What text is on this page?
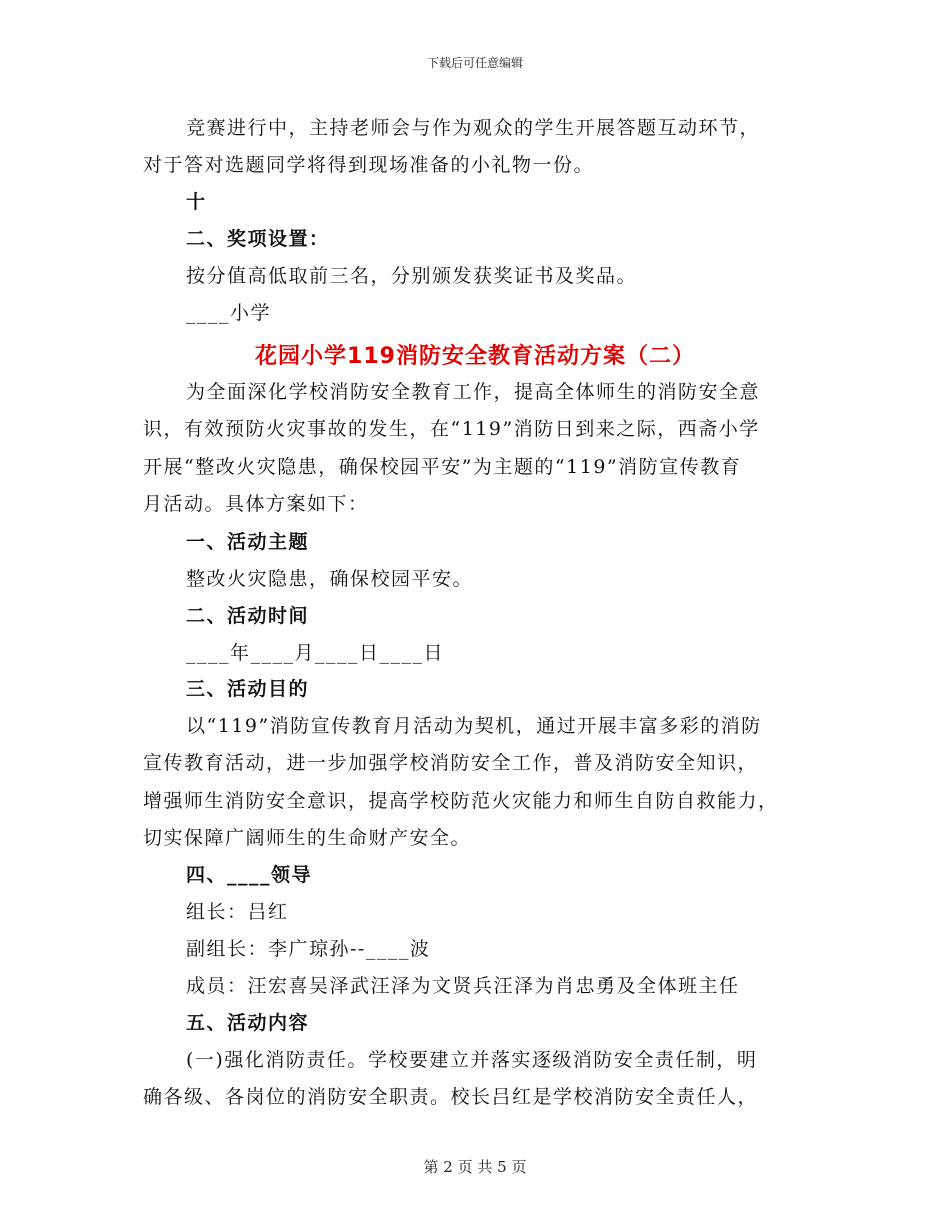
下载后可任意编辑
竞赛进行中，主持老师会与作为观众的学生开展答题互动环节，
对于答对选题同学将得到现场准备的小礼物一份。
十
二、奖项设置：
按分值高低取前三名，分别颁发获奖证书及奖品。
____小学
花园小学119消防安全教育活动方案（二）
为全面深化学校消防安全教育工作，提高全体师生的消防安全意
识，有效预防火灾事故的发生，在“119”消防日到来之际，西斋小学
开展“整改火灾隐患，确保校园平安”为主题的“119”消防宣传教育
月活动。具体方案如下：
一、活动主题
整改火灾隐患，确保校园平安。
二、活动时间
____年____月____日____日
三、活动目的
以“119”消防宣传教育月活动为契机，通过开展丰富多彩的消防
宣传教育活动，进一步加强学校消防安全工作，普及消防安全知识，
增强师生消防安全意识，提高学校防范火灾能力和师生自防自救能力，
切实保障广阔师生的生命财产安全。
四、____领导
组长：吕红
副组长：李广琼孙--____波
成员：汪宏喜吴泽武汪泽为文贤兵汪泽为肖忠勇及全体班主任
五、活动内容
(一)强化消防责任。学校要建立并落实逐级消防安全责任制，明
确各级、各岗位的消防安全职责。校长吕红是学校消防安全责任人，
第 2 页 共 5 页
